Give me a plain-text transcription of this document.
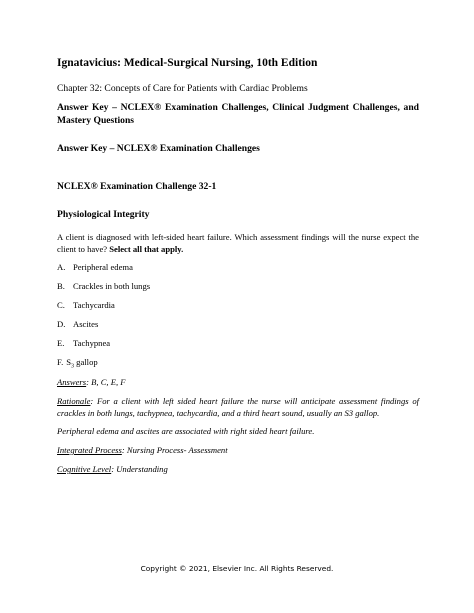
Ignatavicius: Medical-Surgical Nursing, 10th Edition
Chapter 32: Concepts of Care for Patients with Cardiac Problems
Answer Key – NCLEX® Examination Challenges, Clinical Judgment Challenges, and Mastery Questions
Answer Key – NCLEX® Examination Challenges
NCLEX® Examination Challenge 32-1
Physiological Integrity
A client is diagnosed with left-sided heart failure. Which assessment findings will the nurse expect the client to have? Select all that apply.
A. Peripheral edema
B. Crackles in both lungs
C. Tachycardia
D. Ascites
E. Tachypnea
F. $S_3$ gallop
Answers: B, C, E, F
Rationale: For a client with left sided heart failure the nurse will anticipate assessment findings of crackles in both lungs, tachypnea, tachycardia, and a third heart sound, usually an S3 gallop.
Peripheral edema and ascites are associated with right sided heart failure.
Integrated Process: Nursing Process- Assessment
Cognitive Level: Understanding
Copyright © 2021, Elsevier Inc. All Rights Reserved.
